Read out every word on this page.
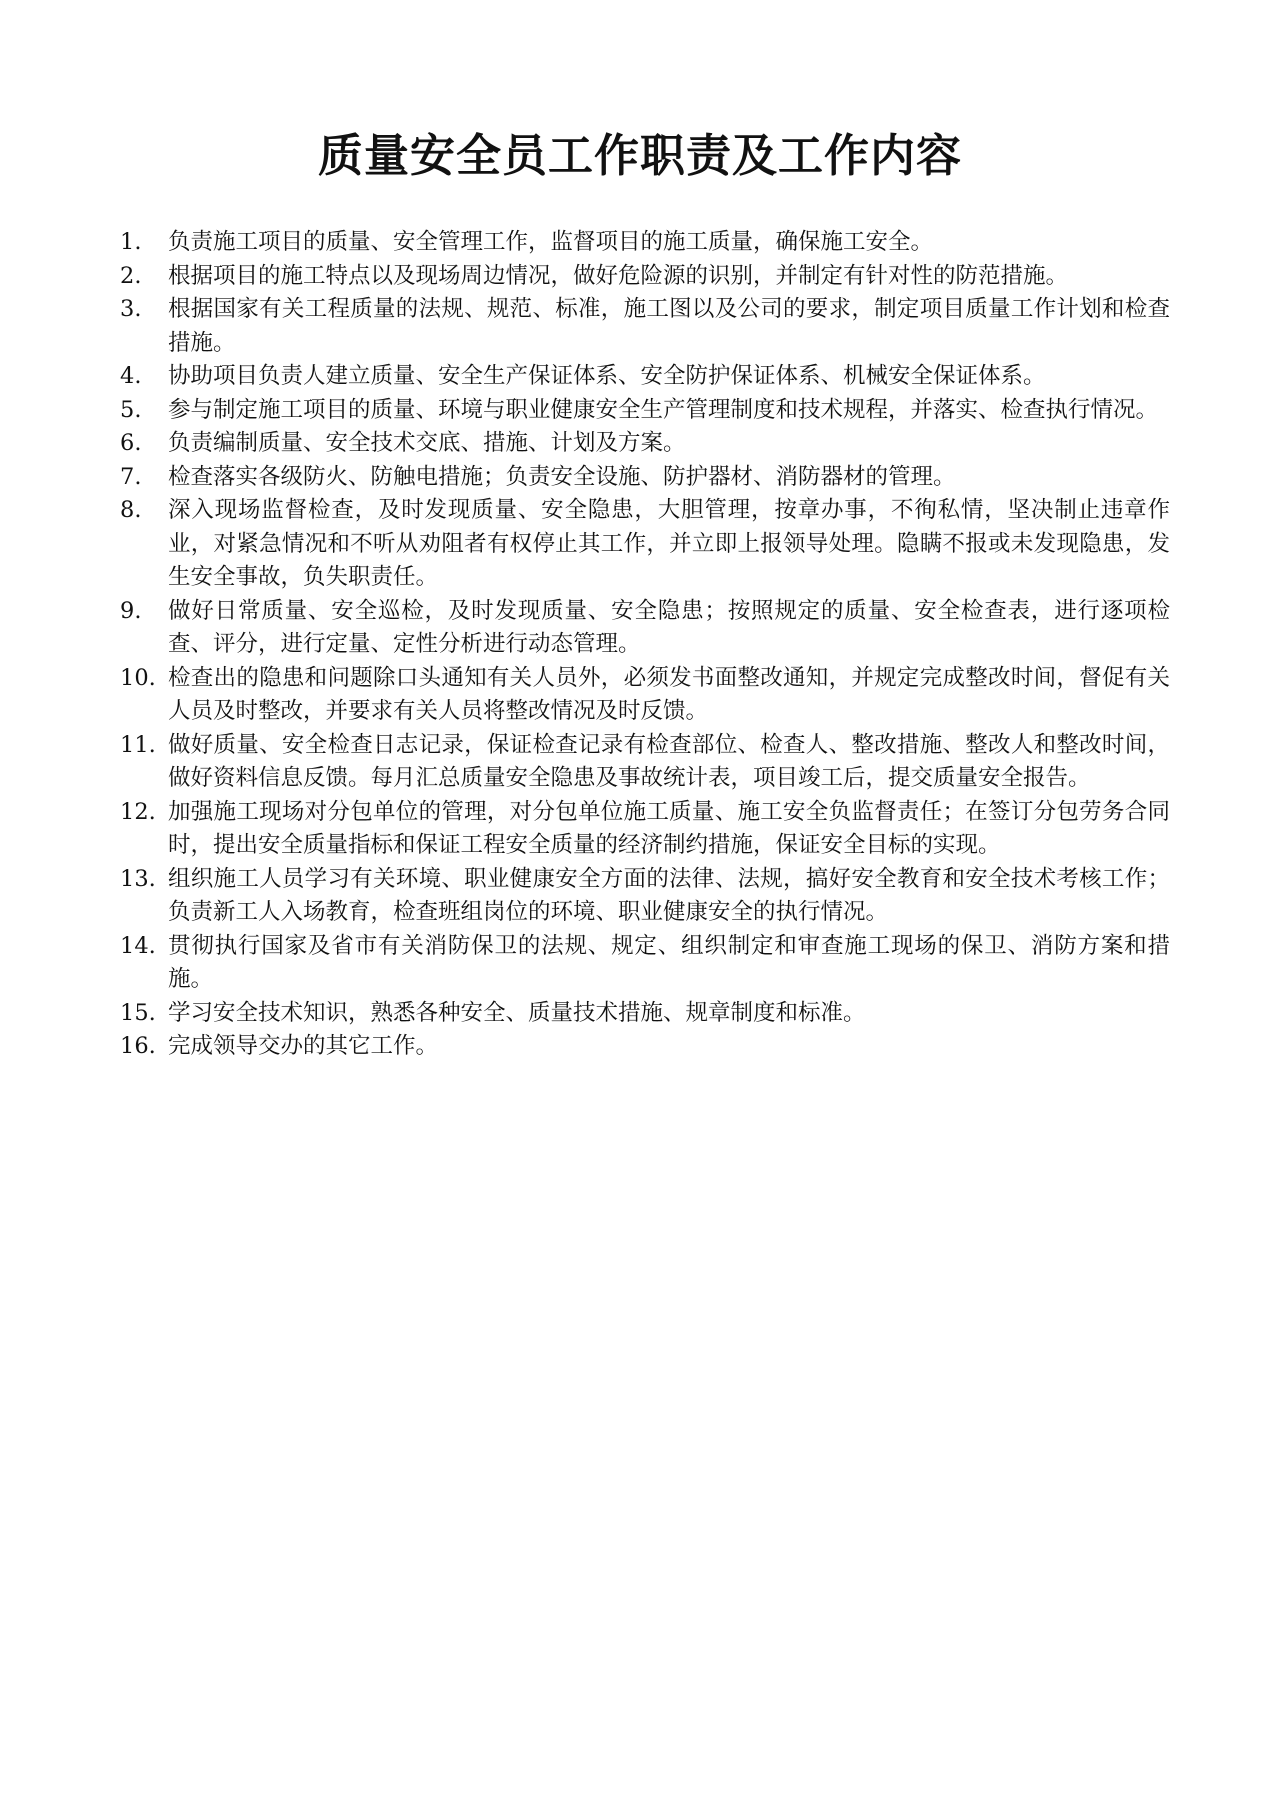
质量安全员工作职责及工作内容
1.	负责施工项目的质量、安全管理工作，监督项目的施工质量，确保施工安全。
2.	根据项目的施工特点以及现场周边情况，做好危险源的识别，并制定有针对性的防范措施。
3.	根据国家有关工程质量的法规、规范、标准，施工图以及公司的要求，制定项目质量工作计划和检查措施。
4.	协助项目负责人建立质量、安全生产保证体系、安全防护保证体系、机械安全保证体系。
5.	参与制定施工项目的质量、环境与职业健康安全生产管理制度和技术规程，并落实、检查执行情况。
6.	负责编制质量、安全技术交底、措施、计划及方案。
7.	检查落实各级防火、防触电措施；负责安全设施、防护器材、消防器材的管理。
8.	深入现场监督检查，及时发现质量、安全隐患，大胆管理，按章办事，不徇私情，坚决制止违章作业，对紧急情况和不听从劝阻者有权停止其工作，并立即上报领导处理。隐瞒不报或未发现隐患，发生安全事故，负失职责任。
9.	做好日常质量、安全巡检，及时发现质量、安全隐患；按照规定的质量、安全检查表，进行逐项检查、评分，进行定量、定性分析进行动态管理。
10. 检查出的隐患和问题除口头通知有关人员外，必须发书面整改通知，并规定完成整改时间，督促有关人员及时整改，并要求有关人员将整改情况及时反馈。
11. 做好质量、安全检查日志记录，保证检查记录有检查部位、检查人、整改措施、整改人和整改时间，做好资料信息反馈。每月汇总质量安全隐患及事故统计表，项目竣工后，提交质量安全报告。
12. 加强施工现场对分包单位的管理，对分包单位施工质量、施工安全负监督责任；在签订分包劳务合同时，提出安全质量指标和保证工程安全质量的经济制约措施，保证安全目标的实现。
13. 组织施工人员学习有关环境、职业健康安全方面的法律、法规，搞好安全教育和安全技术考核工作；负责新工人入场教育，检查班组岗位的环境、职业健康安全的执行情况。
14. 贯彻执行国家及省市有关消防保卫的法规、规定、组织制定和审查施工现场的保卫、消防方案和措施。
15. 学习安全技术知识，熟悉各种安全、质量技术措施、规章制度和标准。
16. 完成领导交办的其它工作。
